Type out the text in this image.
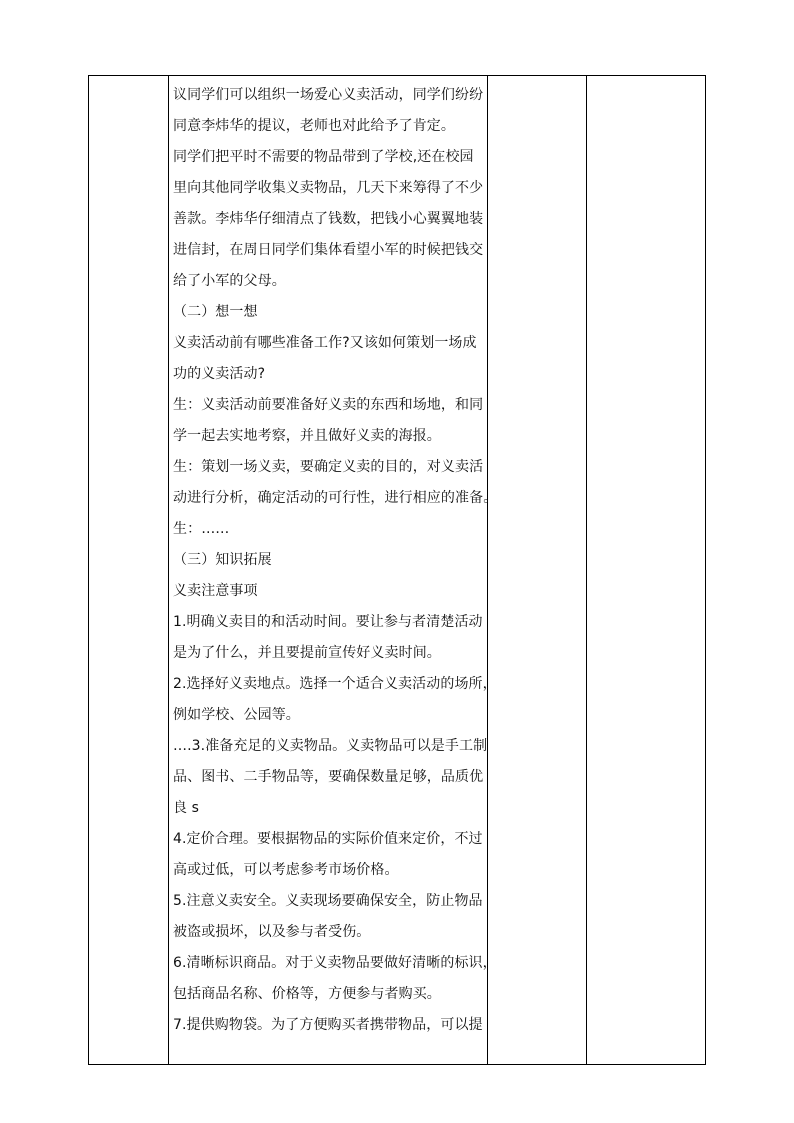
议同学们可以组织一场爱心义卖活动，同学们纷纷
同意李炜华的提议，老师也对此给予了肯定。
同学们把平时不需要的物品带到了学校,还在校园
里向其他同学收集义卖物品，几天下来筹得了不少
善款。李炜华仔细清点了钱数，把钱小心翼翼地装
进信封，在周日同学们集体看望小军的时候把钱交
给了小军的父母。
（二）想一想
义卖活动前有哪些准备工作?又该如何策划一场成
功的义卖活动?
生：义卖活动前要准备好义卖的东西和场地，和同
学一起去实地考察，并且做好义卖的海报。
生：策划一场义卖，要确定义卖的目的，对义卖活
动进行分析，确定活动的可行性，进行相应的准备。
生：……
（三）知识拓展
义卖注意事项
1.明确义卖目的和活动时间。要让参与者清楚活动
是为了什么，并且要提前宣传好义卖时间。
2.选择好义卖地点。选择一个适合义卖活动的场所，
例如学校、公园等。
….3.准备充足的义卖物品。义卖物品可以是手工制
品、图书、二手物品等，要确保数量足够，品质优
良 s
4.定价合理。要根据物品的实际价值来定价，不过
高或过低，可以考虑参考市场价格。
5.注意义卖安全。义卖现场要确保安全，防止物品
被盗或损坏，以及参与者受伤。
6.清晰标识商品。对于义卖物品要做好清晰的标识，
包括商品名称、价格等，方便参与者购买。
7.提供购物袋。为了方便购买者携带物品，可以提
